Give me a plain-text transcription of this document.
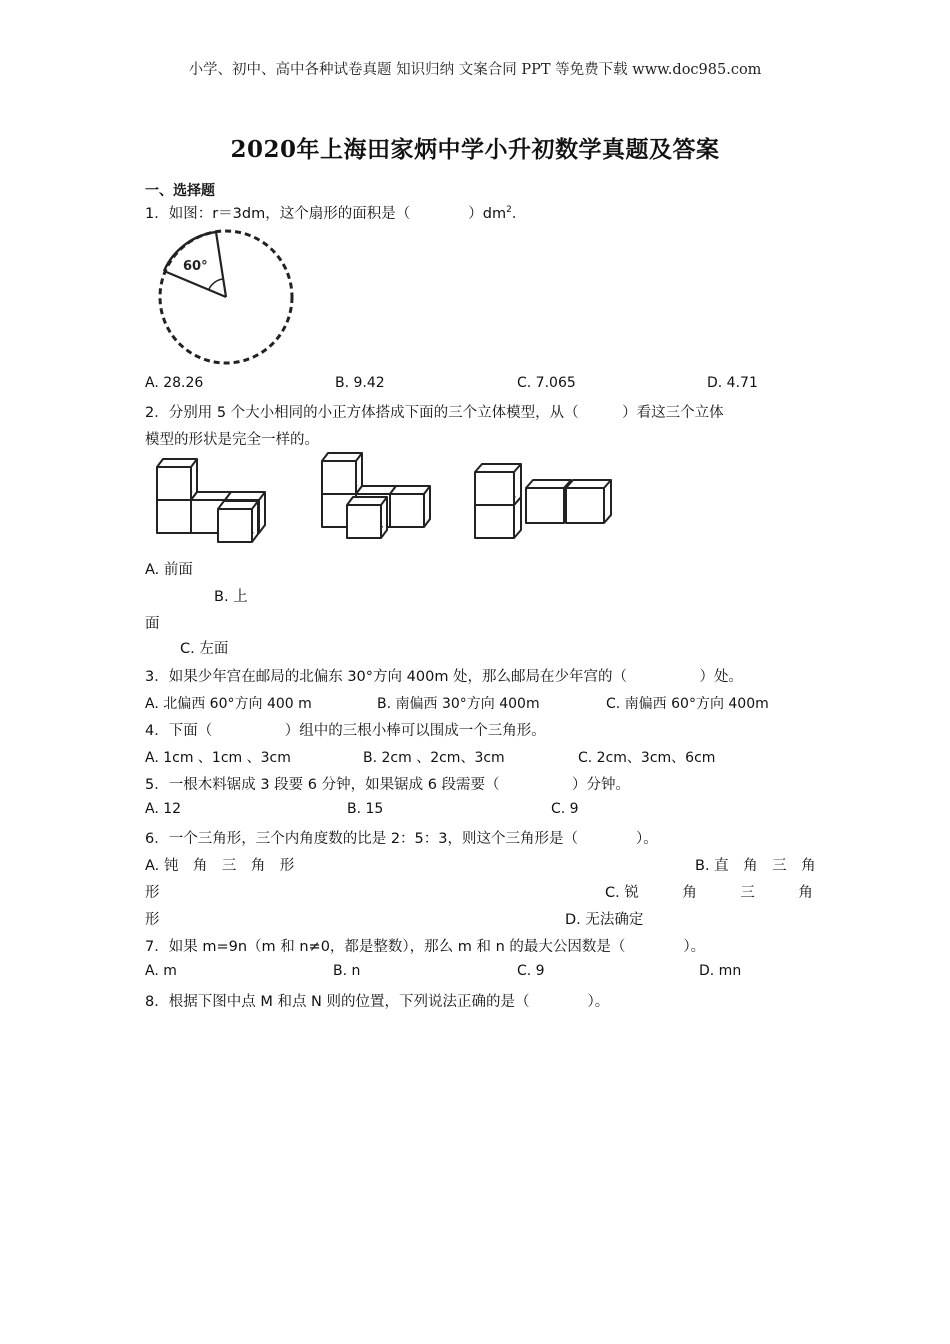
小学、初中、高中各种试卷真题 知识归纳 文案合同 PPT 等免费下载 www.doc985.com
2020年上海田家炳中学小升初数学真题及答案
一、选择题
1．如图：r＝3dm，这个扇形的面积是（　　　　）$dm^2$．
60°
A. 28.26	B. 9.42	C. 7.065	D. 4.71
2．分别用 5 个大小相同的小正方体搭成下面的三个立体模型，从（　　　）看这三个立体
模型的形状是完全一样的。
A. 前面
B. 上
面
C. 左面
3．如果少年宫在邮局的北偏东 30°方向 400m 处，那么邮局在少年宫的（　　　　　）处。
A. 北偏西 60°方向 400 m	B. 南偏西 30°方向 400m	C. 南偏西 60°方向 400m
4．下面（　　　　　）组中的三根小棒可以围成一个三角形。
A. 1cm 、1cm 、3cm	B. 2cm 、2cm、3cm	C. 2cm、3cm、6cm
5．一根木料锯成 3 段要 6 分钟，如果锯成 6 段需要（　　　　　）分钟。
A. 12	B. 15	C. 9
6．一个三角形，三个内角度数的比是 2：5：3，则这个三角形是（　　　　）。
A. 钝　角　三　角　形	B. 直　角　三　角
形	C. 锐　　　角　　　三　　　角
形	D. 无法确定
7．如果 m=9n（m 和 n≠0，都是整数），那么 m 和 n 的最大公因数是（　　　　）。
A. m	B. n	C. 9	D. mn
8．根据下图中点 M 和点 N 则的位置，下列说法正确的是（　　　　）。
